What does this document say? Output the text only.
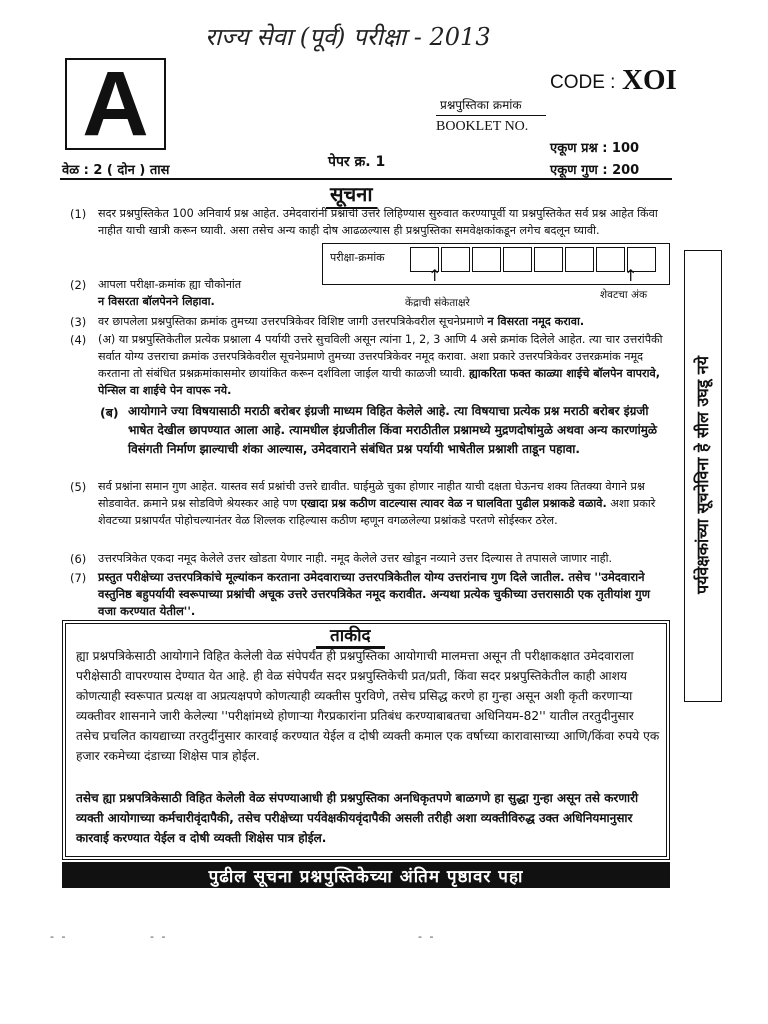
राज्य सेवा (पूर्व) परीक्षा - 2013
A	CODE : XOI
प्रश्नपुस्तिका क्रमांक
BOOKLET NO.
एकूण प्रश्न : 100
पेपर क्र. 1
वेळ : 2 ( दोन ) तास	एकूण गुण : 200
सूचना
(1) सदर प्रश्नपुस्तिकेत 100 अनिवार्य प्रश्न आहेत. उमेदवारांनी प्रश्नांची उत्तरे लिहिण्यास सुरुवात करण्यापूर्वी या प्रश्नपुस्तिकेत सर्व प्रश्न आहेत किंवा नाहीत याची खात्री करून घ्यावी. असा तसेच अन्य काही दोष आढळल्यास ही प्रश्नपुस्तिका समवेक्षकांकडून लगेच बदलून घ्यावी.
(2) आपला परीक्षा-क्रमांक ह्या चौकोनांत
न विसरता बॉलपेनने लिहावा.
परीक्षा-क्रमांक
↑	↑
केंद्राची संकेताक्षरे
शेवटचा अंक
(3) वर छापलेला प्रश्नपुस्तिका क्रमांक तुमच्या उत्तरपत्रिकेवर विशिष्ट जागी उत्तरपत्रिकेवरील सूचनेप्रमाणे न विसरता नमूद करावा.
(4) (अ) या प्रश्नपुस्तिकेतील प्रत्येक प्रश्नाला 4 पर्यायी उत्तरे सुचविली असून त्यांना 1, 2, 3 आणि 4 असे क्रमांक दिलेले आहेत. त्या चार उत्तरांपैकी सर्वात योग्य उत्तराचा क्रमांक उत्तरपत्रिकेवरील सूचनेप्रमाणे तुमच्या उत्तरपत्रिकेवर नमूद करावा. अशा प्रकारे उत्तरपत्रिकेवर उत्तरक्रमांक नमूद करताना तो संबंधित प्रश्नक्रमांकासमोर छायांकित करून दर्शविला जाईल याची काळजी घ्यावी. ह्याकरिता फक्त काळ्या शाईचे बॉलपेन वापरावे, पेन्सिल वा शाईचे पेन वापरू नये.
(ब) आयोगाने ज्या विषयासाठी मराठी बरोबर इंग्रजी माध्यम विहित केलेले आहे. त्या विषयाचा प्रत्येक प्रश्न मराठी बरोबर इंग्रजी भाषेत देखील छापण्यात आला आहे. त्यामधील इंग्रजीतील किंवा मराठीतील प्रश्नामध्ये मुद्रणदोषांमुळे अथवा अन्य कारणांमुळे विसंगती निर्माण झाल्याची शंका आल्यास, उमेदवाराने संबंधित प्रश्न पर्यायी भाषेतील प्रश्नाशी ताडून पहावा.
(5) सर्व प्रश्नांना समान गुण आहेत. यास्तव सर्व प्रश्नांची उत्तरे द्यावीत. घाईमुळे चुका होणार नाहीत याची दक्षता घेऊनच शक्य तितक्या वेगाने प्रश्न सोडवावेत. क्रमाने प्रश्न सोडविणे श्रेयस्कर आहे पण एखादा प्रश्न कठीण वाटल्यास त्यावर वेळ न घालविता पुढील प्रश्नाकडे वळावे. अशा प्रकारे शेवटच्या प्रश्नापर्यंत पोहोचल्यानंतर वेळ शिल्लक राहिल्यास कठीण म्हणून वगळलेल्या प्रश्नांकडे परतणे सोईस्कर ठरेल.
(6) उत्तरपत्रिकेत एकदा नमूद केलेले उत्तर खोडता येणार नाही. नमूद केलेले उत्तर खोडून नव्याने उत्तर दिल्यास ते तपासले जाणार नाही.
(7) प्रस्तुत परीक्षेच्या उत्तरपत्रिकांचे मूल्यांकन करताना उमेदवाराच्या उत्तरपत्रिकेतील योग्य उत्तरांनाच गुण दिले जातील. तसेच ''उमेदवाराने वस्तुनिष्ठ बहुपर्यायी स्वरूपाच्या प्रश्नांची अचूक उत्तरे उत्तरपत्रिकेत नमूद करावीत. अन्यथा प्रत्येक चुकीच्या उत्तरासाठी एक तृतीयांश गुण वजा करण्यात येतील''.
पर्यवेक्षकांच्या सूचनेविना हे सील उघडू नये
ताकीद
ह्या प्रश्नपत्रिकेसाठी आयोगाने विहित केलेली वेळ संपेपर्यंत ही प्रश्नपुस्तिका आयोगाची मालमत्ता असून ती परीक्षाकक्षात उमेदवाराला परीक्षेसाठी वापरण्यास देण्यात येत आहे. ही वेळ संपेपर्यंत सदर प्रश्नपुस्तिकेची प्रत/प्रती, किंवा सदर प्रश्नपुस्तिकेतील काही आशय कोणत्याही स्वरूपात प्रत्यक्ष वा अप्रत्यक्षपणे कोणत्याही व्यक्तीस पुरविणे, तसेच प्रसिद्ध करणे हा गुन्हा असून अशी कृती करणाऱ्या व्यक्तीवर शासनाने जारी केलेल्या ''परीक्षांमध्ये होणाऱ्या गैरप्रकारांना प्रतिबंध करण्याबाबतचा अधिनियम-82'' यातील तरतुदीनुसार तसेच प्रचलित कायद्याच्या तरतुदींनुसार कारवाई करण्यात येईल व दोषी व्यक्ती कमाल एक वर्षाच्या कारावासाच्या आणि/किंवा रुपये एक हजार रकमेच्या दंडाच्या शिक्षेस पात्र होईल.
तसेच ह्या प्रश्नपत्रिकेसाठी विहित केलेली वेळ संपण्याआधी ही प्रश्नपुस्तिका अनधिकृतपणे बाळगणे हा सुद्धा गुन्हा असून तसे करणारी व्यक्ती आयोगाच्या कर्मचारीवृंदापैकी, तसेच परीक्षेच्या पर्यवेक्षकीयवृंदापैकी असली तरीही अशा व्यक्तीविरुद्ध उक्त अधिनियमानुसार कारवाई करण्यात येईल व दोषी व्यक्ती शिक्षेस पात्र होईल.
पुढील सूचना प्रश्नपुस्तिकेच्या अंतिम पृष्ठावर पहा
- -	- -	- -
